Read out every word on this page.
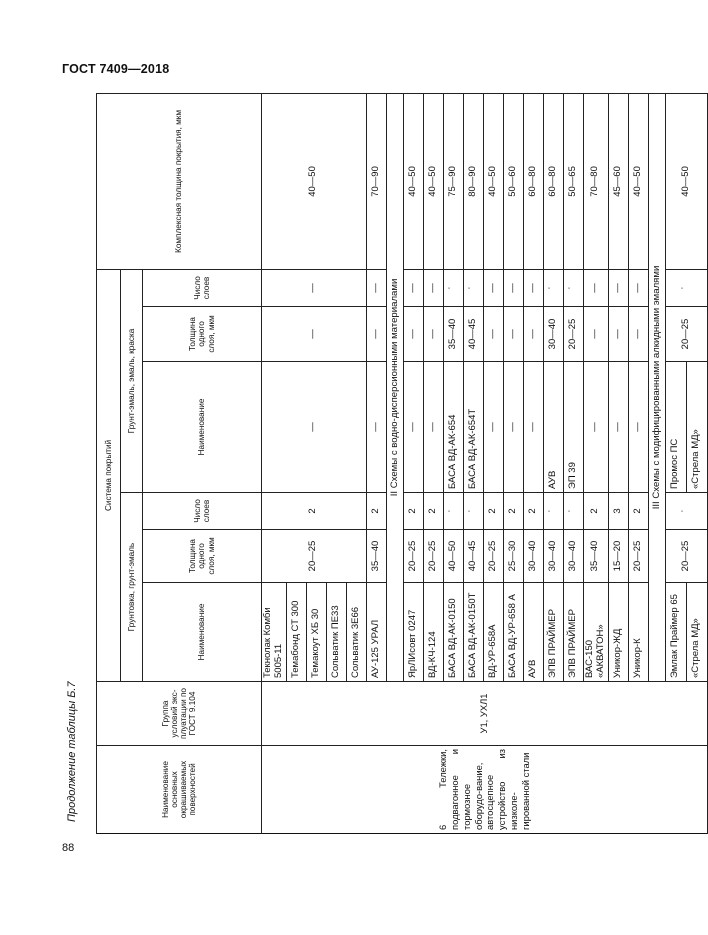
ГОСТ 7409—2018
Продолжение таблицы Б.7
88
Наименование основных окрашиваемых поверхностей	Группа условий экс-плуатации по ГОСТ 9.104	Система покрытий						Комплексная толщина покрытия, мкм
		Грунтовка, грунт-эмаль			Грунт-эмаль, эмаль, краска			
		Наименование	Толщина одного слоя, мкм	Число слоев	Наименование	Толщина одного слоя, мкм	Число слоев	
6 Тележки, подвагонное и тормозное оборудо-вание, автосцепное устройство из низколе-гированной стали	У1, УХЛ1	Текнолак Комби 5005-11	20—25	2	—	—	—	40—50
		Темабонд СТ 300						
		Темакоут ХБ 30						
		Сольватик ПЕ33						
		Сольватик 3Е66						
		АУ-125 УРАЛ	35—40	2	—	—	—	70—90
		II Схемы с водно-дисперсионными материалами						
		ЯрЛИсовт 0247	20—25	2	—	—	—	40—50
		ВД-КЧ-124	20—25	2	—	—	—	40—50
		БАСА ВД-АК-0150	40—50	ʿ	БАСА ВД-АК-654	35—40	ʿ	75—90
		БАСА ВД-АК-0150Т	40—45	ʿ	БАСА ВД-АК-654Т	40—45	ʿ	80—90
		ВД-УР-658А	20—25	2	—	—	—	40—50
		БАСА ВД-УР-658 А	25—30	2	—	—	—	50—60
		АУВ	30—40	2	—	—	—	60—80
		ЭПВ ПРАЙМЕР	30—40	ʿ	АУВ	30—40	ʿ	60—80
		ЭПВ ПРАЙМЕР	30—40	ʿ	ЭП 39	20—25	ʿ	50—65
		ВАС-150 «АКВАТОН»	35—40	2	—	—	—	70—80
		Уникор-ЖД	15—20	3	—	—	—	45—60
		Уникор-К	20—25	2	—	—	—	40—50
		III Схемы с модифицированными алкидными эмалями						
		Эмлак Праймер 65	20—25	ʿ	Промос ПС	20—25	ʿ	40—50
		«Стрела МД»			«Стрела МД»			
